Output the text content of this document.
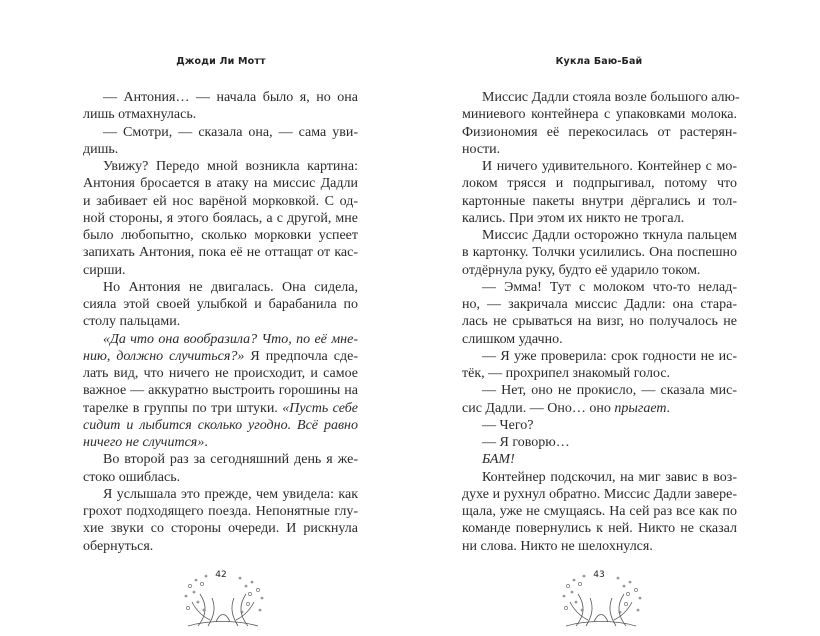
Джоди Ли Мотт
— Антония… — начала было я, но она
лишь отмахнулась.
— Смотри, — сказала она, — сама уви-
дишь.
Увижу? Передо мной возникла картина:
Антония бросается в атаку на миссис Дадли
и забивает ей нос варёной морковкой. С од-
ной стороны, я этого боялась, а с другой, мне
было любопытно, сколько морковки успеет
запихать Антония, пока её не оттащат от кас-
сирши.
Но Антония не двигалась. Она сидела,
сияла этой своей улыбкой и барабанила по
столу пальцами.
«Да что она вообразила? Что, по её мне-
нию, должно случиться?» Я предпочла сде-
лать вид, что ничего не происходит, и самое
важное — аккуратно выстроить горошины на
тарелке в группы по три штуки. «Пусть себе
сидит и лыбится сколько угодно. Всё равно
ничего не случится».
Во второй раз за сегодняшний день я же-
стоко ошиблась.
Я услышала это прежде, чем увидела: как
грохот подходящего поезда. Непонятные глу-
хие звуки со стороны очереди. И рискнула
обернуться.
42
Кукла Баю-Бай
Миссис Дадли стояла возле большого алю-
миниевого контейнера с упаковками молока.
Физиономия её перекосилась от растерян-
ности.
И ничего удивительного. Контейнер с мо-
локом трясся и подпрыгивал, потому что
картонные пакеты внутри дёргались и тол-
кались. При этом их никто не трогал.
Миссис Дадли осторожно ткнула пальцем
в картонку. Толчки усилились. Она поспешно
отдёрнула руку, будто её ударило током.
— Эмма! Тут с молоком что-то нелад-
но, — закричала миссис Дадли: она стара-
лась не срываться на визг, но получалось не
слишком удачно.
— Я уже проверила: срок годности не ис-
тёк, — прохрипел знакомый голос.
— Нет, оно не прокисло, — сказала мис-
сис Дадли. — Оно… оно прыгает.
— Чего?
— Я говорю…
БАМ!
Контейнер подскочил, на миг завис в воз-
духе и рухнул обратно. Миссис Дадли завере-
щала, уже не смущаясь. На сей раз все как по
команде повернулись к ней. Никто не сказал
ни слова. Никто не шелохнулся.
43
